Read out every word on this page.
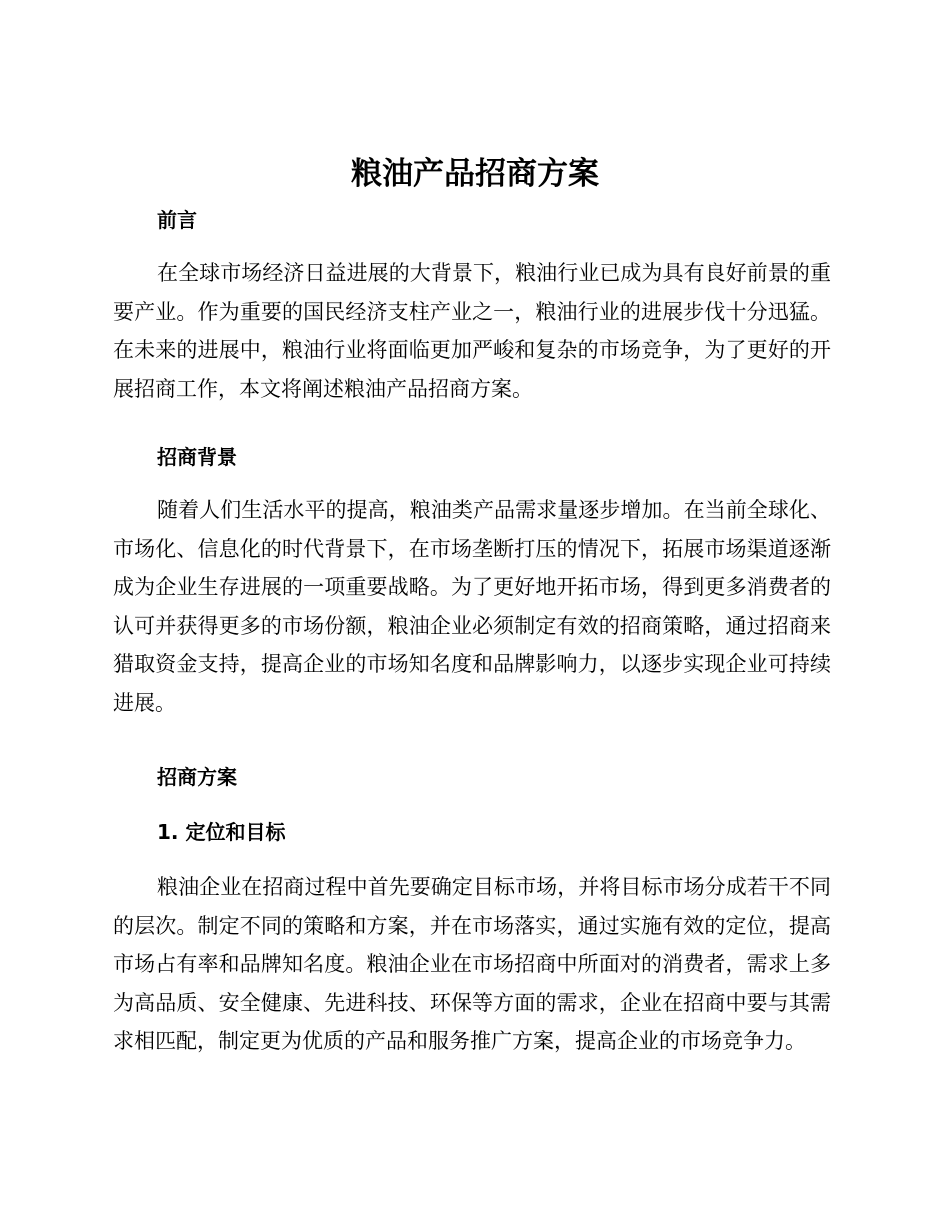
粮油产品招商方案
前言
在全球市场经济日益进展的大背景下，粮油行业已成为具有良好前景的重要产业。作为重要的国民经济支柱产业之一，粮油行业的进展步伐十分迅猛。在未来的进展中，粮油行业将面临更加严峻和复杂的市场竞争，为了更好的开展招商工作，本文将阐述粮油产品招商方案。
招商背景
随着人们生活水平的提高，粮油类产品需求量逐步增加。在当前全球化、市场化、信息化的时代背景下，在市场垄断打压的情况下，拓展市场渠道逐渐成为企业生存进展的一项重要战略。为了更好地开拓市场，得到更多消费者的认可并获得更多的市场份额，粮油企业必须制定有效的招商策略，通过招商来猎取资金支持，提高企业的市场知名度和品牌影响力，以逐步实现企业可持续进展。
招商方案
1. 定位和目标
粮油企业在招商过程中首先要确定目标市场，并将目标市场分成若干不同的层次。制定不同的策略和方案，并在市场落实，通过实施有效的定位，提高市场占有率和品牌知名度。粮油企业在市场招商中所面对的消费者，需求上多为高品质、安全健康、先进科技、环保等方面的需求，企业在招商中要与其需求相匹配，制定更为优质的产品和服务推广方案，提高企业的市场竞争力。
